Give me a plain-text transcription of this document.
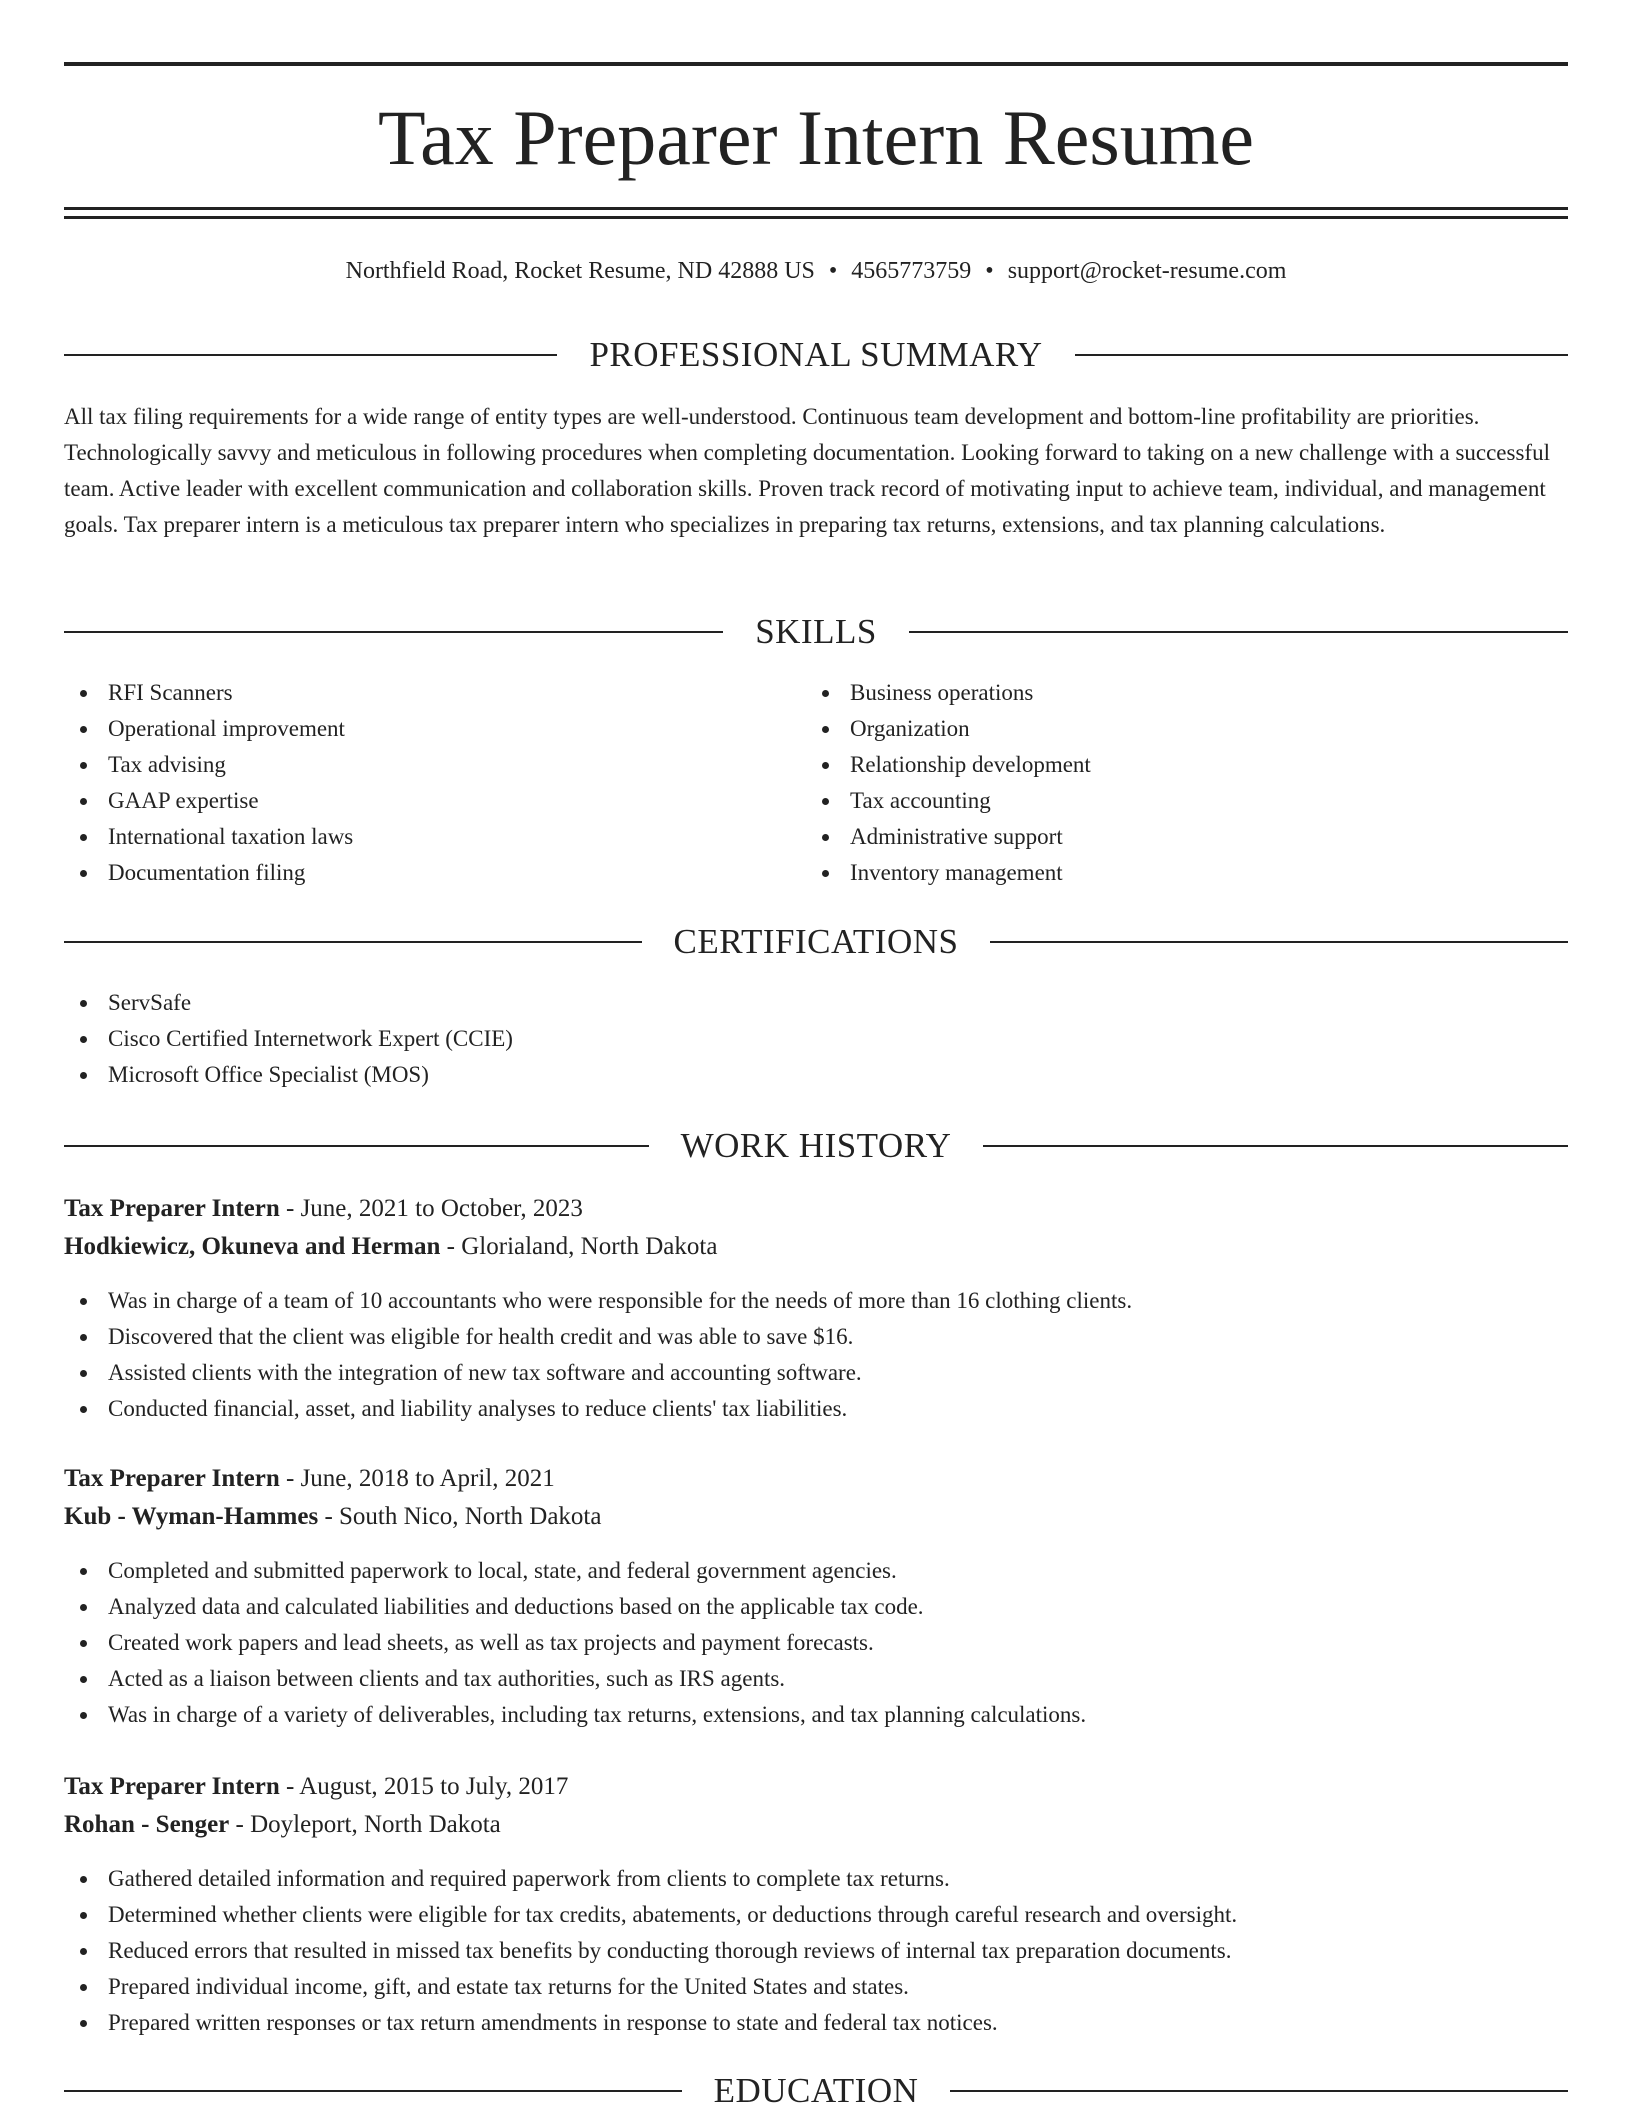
Tax Preparer Intern Resume
Northfield Road, Rocket Resume, ND 42888 US • 4565773759 • support@rocket-resume.com
PROFESSIONAL SUMMARY

All tax filing requirements for a wide range of entity types are well-understood. Continuous team development and bottom-line profitability are priorities. Technologically savvy and meticulous in following procedures when completing documentation. Looking forward to taking on a new challenge with a successful team. Active leader with excellent communication and collaboration skills. Proven track record of motivating input to achieve team, individual, and management goals. Tax preparer intern is a meticulous tax preparer intern who specializes in preparing tax returns, extensions, and tax planning calculations.

SKILLS
RFI Scanners
Operational improvement
Tax advising
GAAP expertise
International taxation laws
Documentation filing
Business operations
Organization
Relationship development
Tax accounting
Administrative support
Inventory management
CERTIFICATIONS
ServSafe
Cisco Certified Internetwork Expert (CCIE)
Microsoft Office Specialist (MOS)
WORK HISTORY
Tax Preparer Intern - June, 2021 to October, 2023
Hodkiewicz, Okuneva and Herman - Glorialand, North Dakota
Was in charge of a team of 10 accountants who were responsible for the needs of more than 16 clothing clients.
Discovered that the client was eligible for health credit and was able to save $16.
Assisted clients with the integration of new tax software and accounting software.
Conducted financial, asset, and liability analyses to reduce clients' tax liabilities.
Tax Preparer Intern - June, 2018 to April, 2021
Kub - Wyman-Hammes - South Nico, North Dakota
Completed and submitted paperwork to local, state, and federal government agencies.
Analyzed data and calculated liabilities and deductions based on the applicable tax code.
Created work papers and lead sheets, as well as tax projects and payment forecasts.
Acted as a liaison between clients and tax authorities, such as IRS agents.
Was in charge of a variety of deliverables, including tax returns, extensions, and tax planning calculations.
Tax Preparer Intern - August, 2015 to July, 2017
Rohan - Senger - Doyleport, North Dakota
Gathered detailed information and required paperwork from clients to complete tax returns.
Determined whether clients were eligible for tax credits, abatements, or deductions through careful research and oversight.
Reduced errors that resulted in missed tax benefits by conducting thorough reviews of internal tax preparation documents.
Prepared individual income, gift, and estate tax returns for the United States and states.
Prepared written responses or tax return amendments in response to state and federal tax notices.
EDUCATION
